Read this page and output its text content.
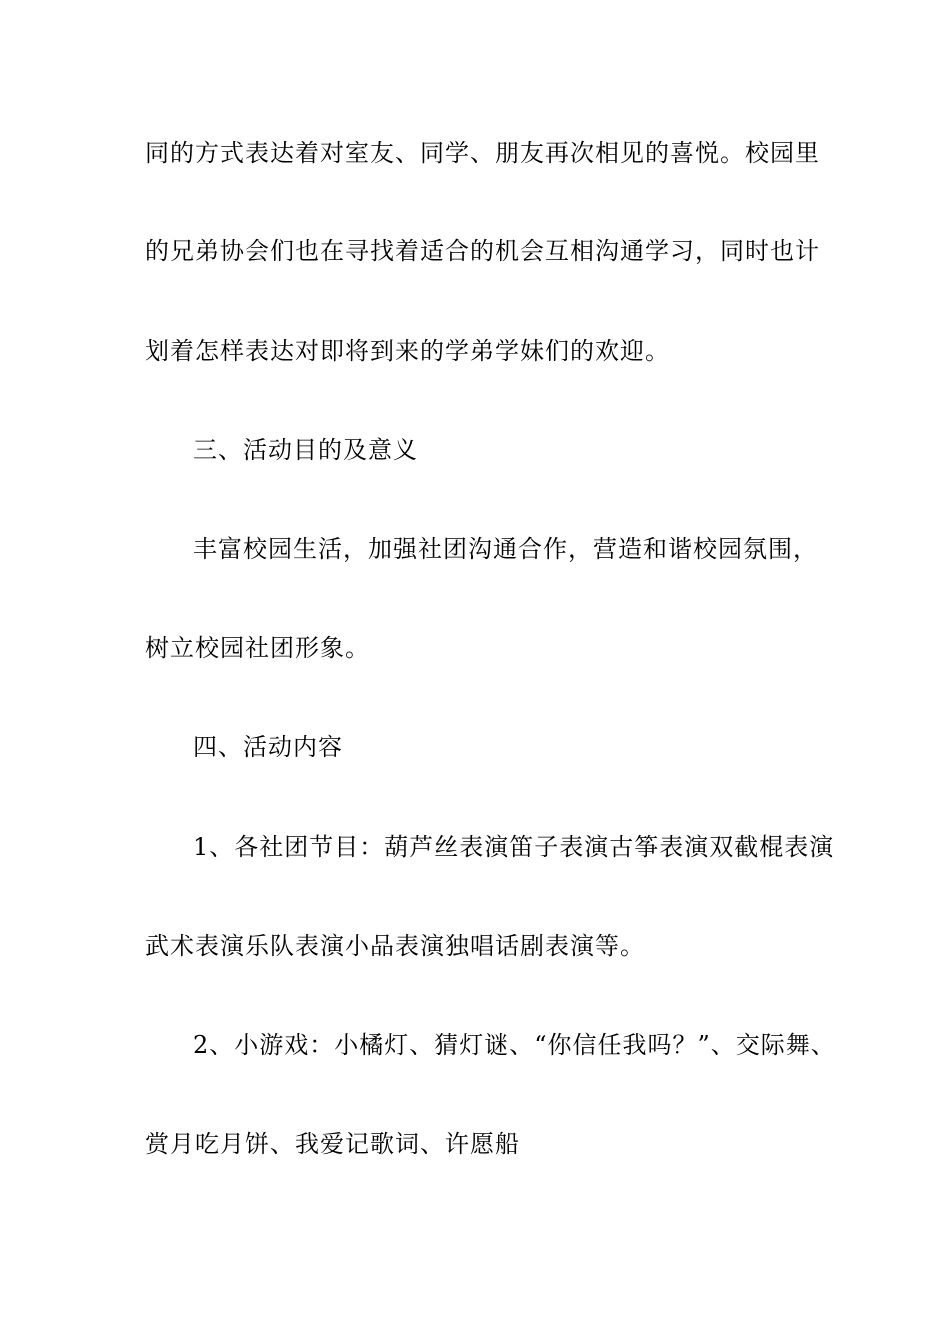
同的方式表达着对室友、同学、朋友再次相见的喜悦。校园里
的兄弟协会们也在寻找着适合的机会互相沟通学习，同时也计
划着怎样表达对即将到来的学弟学妹们的欢迎。
三、活动目的及意义
丰富校园生活，加强社团沟通合作，营造和谐校园氛围，
树立校园社团形象。
四、活动内容
1、各社团节目：葫芦丝表演笛子表演古筝表演双截棍表演
武术表演乐队表演小品表演独唱话剧表演等。
2、小游戏：小橘灯、猜灯谜、“你信任我吗？”、交际舞、
赏月吃月饼、我爱记歌词、许愿船
